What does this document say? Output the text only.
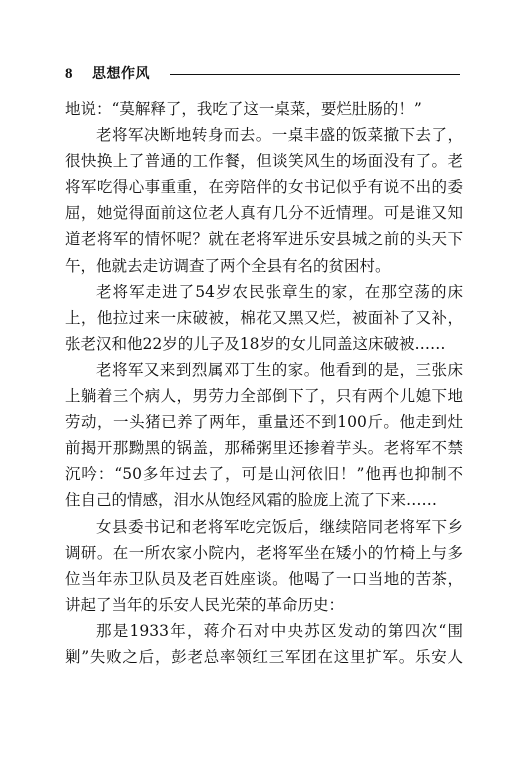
8 思想作风
地说：“莫解释了，我吃了这一桌菜，要烂肚肠的！”
老将军决断地转身而去。一桌丰盛的饭菜撤下去了，
很快换上了普通的工作餐，但谈笑风生的场面没有了。老
将军吃得心事重重，在旁陪伴的女书记似乎有说不出的委
屈，她觉得面前这位老人真有几分不近情理。可是谁又知
道老将军的情怀呢？就在老将军进乐安县城之前的头天下
午，他就去走访调查了两个全县有名的贫困村。
老将军走进了54岁农民张章生的家，在那空荡的床
上，他拉过来一床破被，棉花又黑又烂，被面补了又补，
张老汉和他22岁的儿子及18岁的女儿同盖这床破被……
老将军又来到烈属邓丁生的家。他看到的是，三张床
上躺着三个病人，男劳力全部倒下了，只有两个儿媳下地
劳动，一头猪已养了两年，重量还不到100斤。他走到灶
前揭开那黝黑的锅盖，那稀粥里还掺着芋头。老将军不禁
沉吟：“50多年过去了，可是山河依旧！”他再也抑制不
住自己的情感，泪水从饱经风霜的脸庞上流了下来……
女县委书记和老将军吃完饭后，继续陪同老将军下乡
调研。在一所农家小院内，老将军坐在矮小的竹椅上与多
位当年赤卫队员及老百姓座谈。他喝了一口当地的苦茶，
讲起了当年的乐安人民光荣的革命历史：
那是1933年，蒋介石对中央苏区发动的第四次“围
剿”失败之后，彭老总率领红三军团在这里扩军。乐安人
